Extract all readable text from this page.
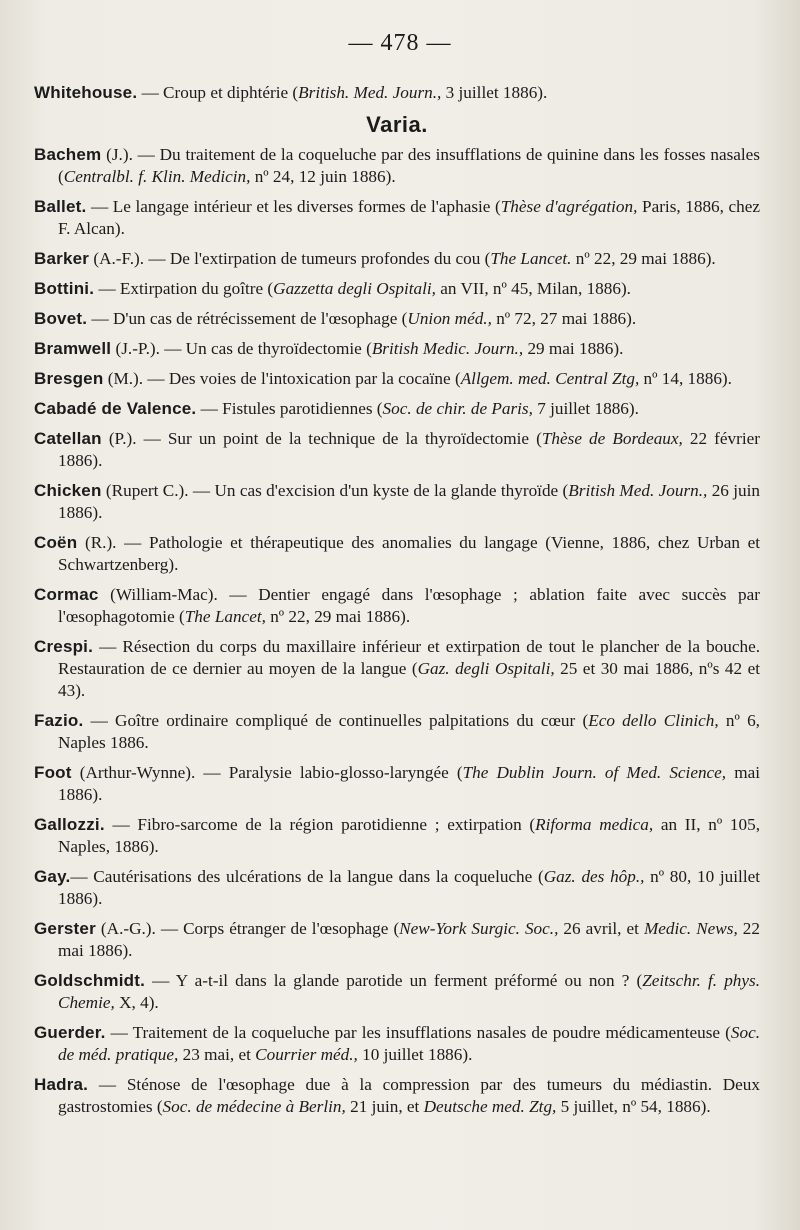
— 478 —

Whitehouse. — Croup et diphtérie (British. Med. Journ., 3 juillet 1886).

Varia.

Bachem (J.). — Du traitement de la coqueluche par des insufflations de quinine dans les fosses nasales (Centralbl. f. Klin. Medicin, nº 24, 12 juin 1886).

Ballet. — Le langage intérieur et les diverses formes de l'aphasie (Thèse d'agrégation, Paris, 1886, chez F. Alcan).

Barker (A.-F.). — De l'extirpation de tumeurs profondes du cou (The Lancet. nº 22, 29 mai 1886).

Bottini. — Extirpation du goître (Gazzetta degli Ospitali, an VII, nº 45, Milan, 1886).

Bovet. — D'un cas de rétrécissement de l'œsophage (Union méd., nº 72, 27 mai 1886).

Bramwell (J.-P.). — Un cas de thyroïdectomie (British Medic. Journ., 29 mai 1886).

Bresgen (M.). — Des voies de l'intoxication par la cocaïne (Allgem. med. Central Ztg, nº 14, 1886).

Cabadé de Valence. — Fistules parotidiennes (Soc. de chir. de Paris, 7 juillet 1886).

Catellan (P.). — Sur un point de la technique de la thyroïdectomie (Thèse de Bordeaux, 22 février 1886).

Chicken (Rupert C.). — Un cas d'excision d'un kyste de la glande thyroïde (British Med. Journ., 26 juin 1886).

Coën (R.). — Pathologie et thérapeutique des anomalies du langage (Vienne, 1886, chez Urban et Schwartzenberg).

Cormac (William-Mac). — Dentier engagé dans l'œsophage ; ablation faite avec succès par l'œsophagotomie (The Lancet, nº 22, 29 mai 1886).

Crespi. — Résection du corps du maxillaire inférieur et extirpation de tout le plancher de la bouche. Restauration de ce dernier au moyen de la langue (Gaz. degli Ospitali, 25 et 30 mai 1886, nºs 42 et 43).

Fazio. — Goître ordinaire compliqué de continuelles palpitations du cœur (Eco dello Clinich, nº 6, Naples 1886.

Foot (Arthur-Wynne). — Paralysie labio-glosso-laryngée (The Dublin Journ. of Med. Science, mai 1886).

Gallozzi. — Fibro-sarcome de la région parotidienne ; extirpation (Riforma medica, an II, nº 105, Naples, 1886).

Gay.— Cautérisations des ulcérations de la langue dans la coqueluche (Gaz. des hôp., nº 80, 10 juillet 1886).

Gerster (A.-G.). — Corps étranger de l'œsophage (New-York Surgic. Soc., 26 avril, et Medic. News, 22 mai 1886).

Goldschmidt. — Y a-t-il dans la glande parotide un ferment préformé ou non ? (Zeitschr. f. phys. Chemie, X, 4).

Guerder. — Traitement de la coqueluche par les insufflations nasales de poudre médicamenteuse (Soc. de méd. pratique, 23 mai, et Courrier méd., 10 juillet 1886).

Hadra. — Sténose de l'œsophage due à la compression par des tumeurs du médiastin. Deux gastrostomies (Soc. de médecine à Berlin, 21 juin, et Deutsche med. Ztg, 5 juillet, nº 54, 1886).
